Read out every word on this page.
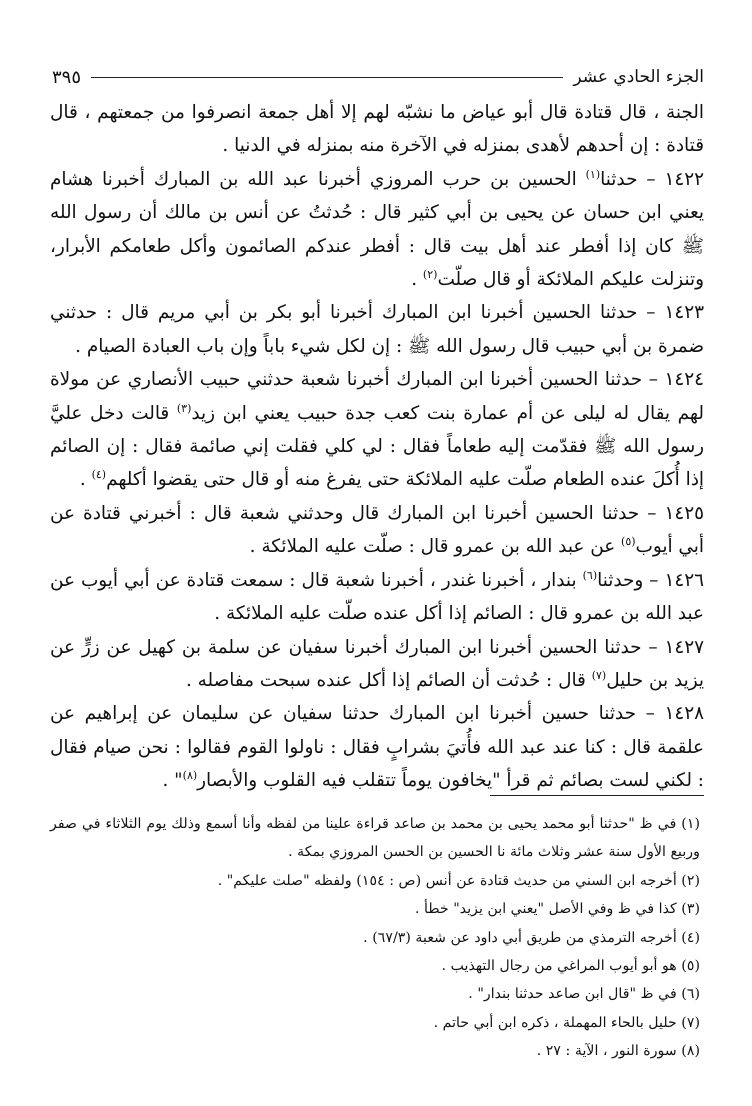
الجزء الحادي عشر
٣٩٥

الجنة ، قال قتادة قال أبو عياض ما نشبّه لهم إلا أهل جمعة انصرفوا من جمعتهم ، قال قتادة : إن أحدهم لأهدى بمنزله في الآخرة منه بمنزله في الدنيا .

١٤٢٢ – حدثنا$^{(١)}$ الحسين بن حرب المروزي أخبرنا عبد الله بن المبارك أخبرنا هشام يعني ابن حسان عن يحيى بن أبي كثير قال : حُدثتُ عن أنس بن مالك أن رسول الله ﷺ كان إذا أفطر عند أهل بيت قال : أفطر عندكم الصائمون وأكل طعامكم الأبرار، وتنزلت عليكم الملائكة أو قال صلّت$^{(٢)}$ .

١٤٢٣ – حدثنا الحسين أخبرنا ابن المبارك أخبرنا أبو بكر بن أبي مريم قال : حدثني ضمرة بن أبي حبيب قال رسول الله ﷺ : إن لكل شيء باباً وإن باب العبادة الصيام .

١٤٢٤ – حدثنا الحسين أخبرنا ابن المبارك أخبرنا شعبة حدثني حبيب الأنصاري عن مولاة لهم يقال له ليلى عن أم عمارة بنت كعب جدة حبيب يعني ابن زيد$^{(٣)}$ قالت دخل عليَّ رسول الله ﷺ فقدّمت إليه طعاماً فقال : لي كلي فقلت إني صائمة فقال : إن الصائم إذا أُكلَ عنده الطعام صلّت عليه الملائكة حتى يفرغ منه أو قال حتى يقضوا أكلهم$^{(٤)}$ .

١٤٢٥ – حدثنا الحسين أخبرنا ابن المبارك قال وحدثني شعبة قال : أخبرني قتادة عن أبي أيوب$^{(٥)}$ عن عبد الله بن عمرو قال : صلّت عليه الملائكة .

١٤٢٦ – وحدثنا$^{(٦)}$ بندار ، أخبرنا غندر ، أخبرنا شعبة قال : سمعت قتادة عن أبي أيوب عن عبد الله بن عمرو قال : الصائم إذا أكل عنده صلّت عليه الملائكة .

١٤٢٧ – حدثنا الحسين أخبرنا ابن المبارك أخبرنا سفيان عن سلمة بن كهيل عن زرٍّ عن يزيد بن حليل$^{(٧)}$ قال : حُدثت أن الصائم إذا أكل عنده سبحت مفاصله .

١٤٢٨ – حدثنا حسين أخبرنا ابن المبارك حدثنا سفيان عن سليمان عن إبراهيم عن علقمة قال : كنا عند عبد الله فأُتيَ بشرابٍ فقال : ناولوا القوم فقالوا : نحن صيام فقال : لكني لست بصائم ثم قرأ "يخافون يوماً تتقلب فيه القلوب والأبصار$^{(٨)}$" .

(١) في ظ "حدثنا أبو محمد يحيى بن محمد بن صاعد قراءة علينا من لفظه وأنا أسمع وذلك يوم الثلاثاء في صفر وربيع الأول سنة عشر وثلاث مائة نا الحسين بن الحسن المروزي بمكة .

(٢) أخرجه ابن السني من حديث قتادة عن أنس (ص : ١٥٤) ولفظه "صلت عليكم" .

(٣) كذا في ظ وفي الأصل "يعني ابن يزيد" خطأ .

(٤) أخرجه الترمذي من طريق أبي داود عن شعبة (٦٧/٣) .

(٥) هو أبو أيوب المراغي من رجال التهذيب .

(٦) في ظ "قال ابن صاعد حدثنا بندار" .

(٧) حليل بالحاء المهملة ، ذكره ابن أبي حاتم .

(٨) سورة النور ، الآية : ٢٧ .
